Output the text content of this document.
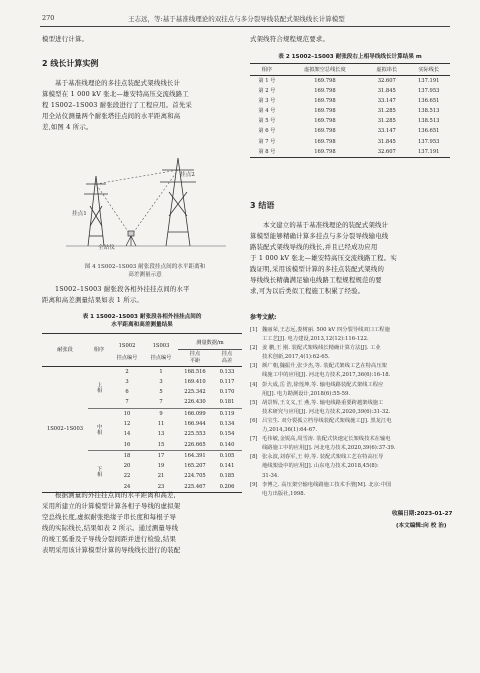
270	王志远，等:基于基准线理论的双挂点与多分裂导线装配式架线线长计算模型
模型进行计算。
2 线长计算实例
基于基准线理论的多挂点装配式架线线长计
算模型在 1 000 kV 张北—雄安特高压交流线路工
程 1S002–1S003 耐张段进行了工程应用。首先采
用全站仪测量两个耐张塔挂点间的水平距离和高
差,如图 4 所示。
挂点1
挂点2
全站仪
图 4 1S002–1S003 耐张段挂点间的水平距离和
高差测量示意
1S002–1S003 耐张段各相外挂挂点间的水平
距离和高差测量结果如表 1 所示。
表 1 1S002–1S003 耐张段各相外挂挂点间的
水平距离和高差测量结果
耐张段	相序	1S002	1S003	测量数据/m	
		挂点编号	挂点编号	挂点	挂点
				平距	高差
1S002–1S003	上相	2	1	168.516	0.133
		3	3	169.410	0.117
		6	5	225.342	0.170
		7	7	226.430	0.181
	中相	10	9	166.099	0.119
		12	11	166.944	0.134
		14	13	225.553	0.154
		16	15	226.665	0.140
	下相	18	17	164.391	0.105
		20	19	165.207	0.141
		22	21	224.705	0.185
		24	23	225.467	0.206
根据测量的外挂挂点间的水平距离和高差,
采用所建立的计算模型计算各相子导线的虚拟架
空总线长度,虚拟耐张绝缘子串长度和每根子导
线的实际线长,结果如表 2 所示。通过测量导线
的竣工弧垂及子导线分裂间距并进行检验,结果
表明采用该计算模型计算的导线线长进行的装配
式架线符合规程规范要求。
表 2 1S002–1S003 耐张段右上相导线线长计算结果 m
相序	虚拟架空总线长度	虚拟串长	实际线长
第 1 号	169.798	32.607	137.191
第 2 号	169.798	31.845	137.953
第 3 号	169.798	33.147	136.651
第 4 号	169.798	31.285	138.513
第 5 号	169.798	31.285	138.513
第 6 号	169.798	33.147	136.651
第 7 号	169.798	31.845	137.953
第 8 号	169.798	32.607	137.191
3 结语
本文建立的基于基准线理论的装配式架线计
算模型能够精确计算多挂点与多分裂导线输电线
路装配式架线导线的线长,并且已经成功应用
于 1 000 kV 张北—雄安特高压交流线路工程。实
践证明,采用该模型计算的多挂点装配式架线的
导线线长精确满足输电线路工程规程规范的要
求,可为以后类似工程施工积累了经验。
参考文献:
[1] 魏丽荣,王志远,娄树丽. 500 kV 四分裂导线双口工程施
工工艺[J]. 电力建设,2013,12(12):116-122.
[2] 姜 鹏,王 刚. 装配式架线线长精确计算方法[J]. 工业
技术创新,2017,4(1):62-65.
[3] 颜广朝,魏振升,张少杰,等. 装配式架线工艺在特高压架
线施工中的应用[J]. 河北电力技术,2017,36(6):16-18.
[4] 彭大成,岳 浩,徐莲坤,等. 输电线路装配式架线工程应
用[J]. 电力勘测设计,2018(6):55-59.
[5] 胡景辉,王文义,王 燕,等. 输电线路重要跨越架线施工
技术研究与应用[J]. 河北电力技术,2020,39(6):31-32.
[6] 吕宝生. 双分裂孤立档导线装配式架线施工[J]. 黑龙江电
力,2014,36(1):64-67.
[7] 毛伟敏,金锐高,周雪涛. 装配式快速定长架线技术在输电
线路施工中的应用[J]. 河北电力技术,2020,39(6):37-39.
[8] 张永波,刘春军,王 婷,等. 装配式架线工艺在特高压导
地线架设中的应用[J]. 山东电力技术,2018,45(8):
31-34.
[9] 李博之. 高压架空输电线路施工技术手册[M]. 北京:中国
电力出版社,1998.
收稿日期:2023-01-27
(本文编辑:向 校 治)
